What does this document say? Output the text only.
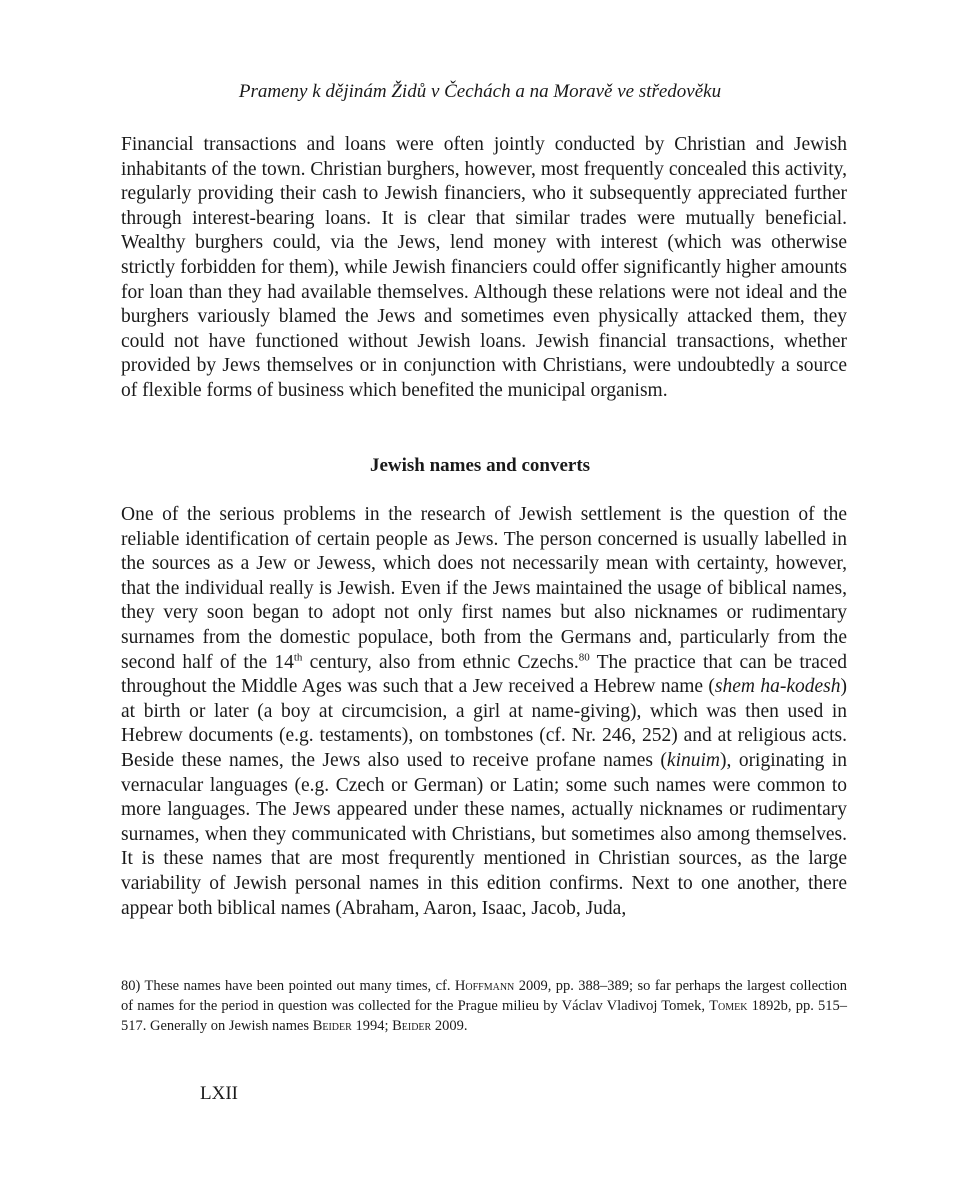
Prameny k dějinám Židů v Čechách a na Moravě ve středověku

Financial transactions and loans were often jointly conducted by Christian and Jewish inhabitants of the town. Christian burghers, however, most frequently concealed this activity, regularly providing their cash to Jewish financiers, who it subsequently appreciated further through interest-bearing loans. It is clear that similar trades were mutually beneficial. Wealthy burghers could, via the Jews, lend money with interest (which was otherwise strictly forbidden for them), while Jewish financiers could offer significantly higher amounts for loan than they had available themselves. Although these relations were not ideal and the burghers variously blamed the Jews and sometimes even physically attacked them, they could not have functioned without Jewish loans. Jewish financial transactions, whether provided by Jews themselves or in conjunction with Christians, were undoubtedly a source of flexible forms of business which benefited the municipal organism.

Jewish names and converts

One of the serious problems in the research of Jewish settlement is the question of the reliable identification of certain people as Jews. The person concerned is usually labelled in the sources as a Jew or Jewess, which does not necessarily mean with certainty, however, that the individual really is Jewish. Even if the Jews maintained the usage of biblical names, they very soon began to adopt not only first names but also nicknames or rudimentary surnames from the domestic populace, both from the Germans and, particularly from the second half of the 14th century, also from ethnic Czechs.$^{80}$ The practice that can be traced throughout the Middle Ages was such that a Jew received a Hebrew name (shem ha-kodesh) at birth or later (a boy at circumcision, a girl at name-giving), which was then used in Hebrew documents (e.g. testaments), on tombstones (cf. Nr. 246, 252) and at religious acts. Beside these names, the Jews also used to receive profane names (kinuim), originating in vernacular languages (e.g. Czech or German) or Latin; some such names were common to more languages. The Jews appeared under these names, actually nicknames or rudimentary surnames, when they communicated with Christians, but sometimes also among themselves. It is these names that are most frequrently mentioned in Christian sources, as the large variability of Jewish personal names in this edition confirms. Next to one another, there appear both biblical names (Abraham, Aaron, Isaac, Jacob, Juda,

80) These names have been pointed out many times, cf. Hoffmann 2009, pp. 388–389; so far perhaps the largest collection of names for the period in question was collected for the Prague milieu by Václav Vladivoj Tomek, Tomek 1892b, pp. 515–517. Generally on Jewish names Beider 1994; Beider 2009.

LXII
